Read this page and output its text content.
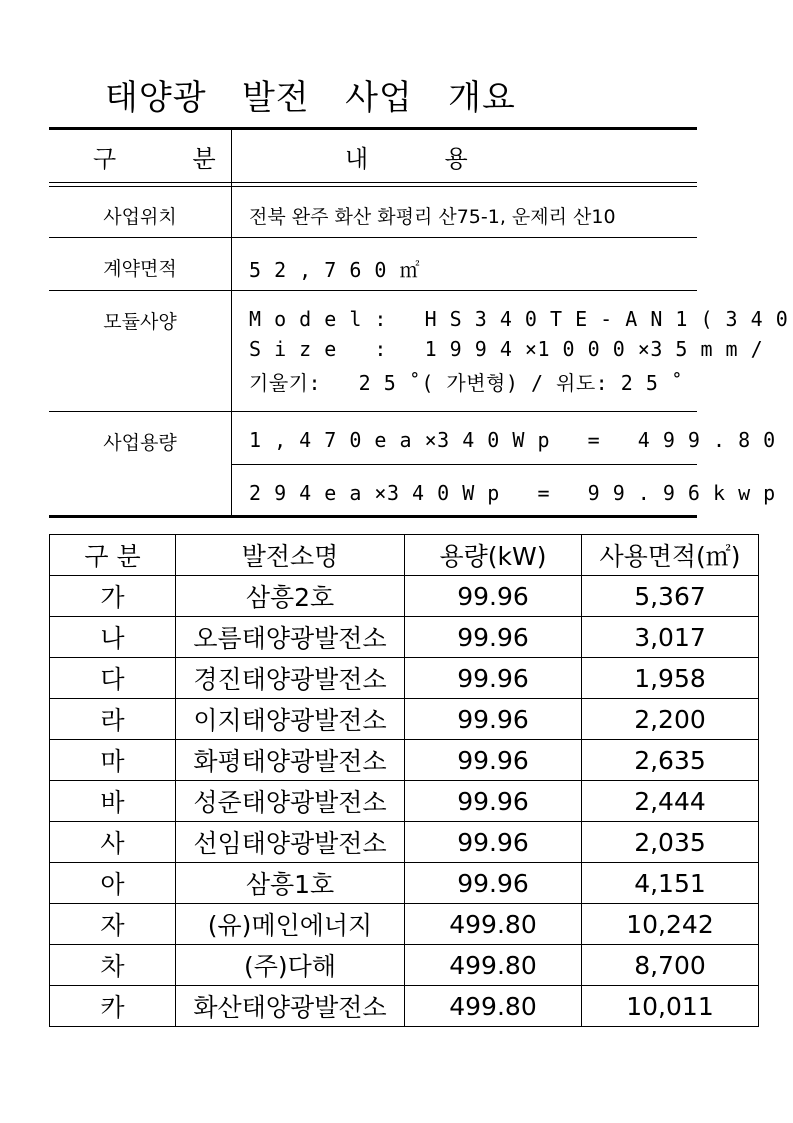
태양광   발전   사업   개요
구          분	내          용
사업위치	전북 완주 화산 화평리 산75-1, 운제리 산10
계약면적	5 2 , 7 6 0 ㎡
모듈사양	M o d e l :   H S 3 4 0 T E - A N 1 ( 3 4 0
S i z e   :   1 9 9 4 ×1 0 0 0 ×3 5 m m /
기울기:   2 5 ˚( 가변형) / 위도: 2 5 ˚
사업용량	1 , 4 7 0 e a ×3 4 0 W p   =   4 9 9 . 8 0
2 9 4 e a ×3 4 0 W p   =   9 9 . 9 6 k w p
구 분	발전소명	용량(kW)	사용면적(㎡)
가	삼흥2호	99.96	5,367
나	오름태양광발전소	99.96	3,017
다	경진태양광발전소	99.96	1,958
라	이지태양광발전소	99.96	2,200
마	화평태양광발전소	99.96	2,635
바	성준태양광발전소	99.96	2,444
사	선임태양광발전소	99.96	2,035
아	삼흥1호	99.96	4,151
자	(유)메인에너지	499.80	10,242
차	(주)다해	499.80	8,700
카	화산태양광발전소	499.80	10,011
